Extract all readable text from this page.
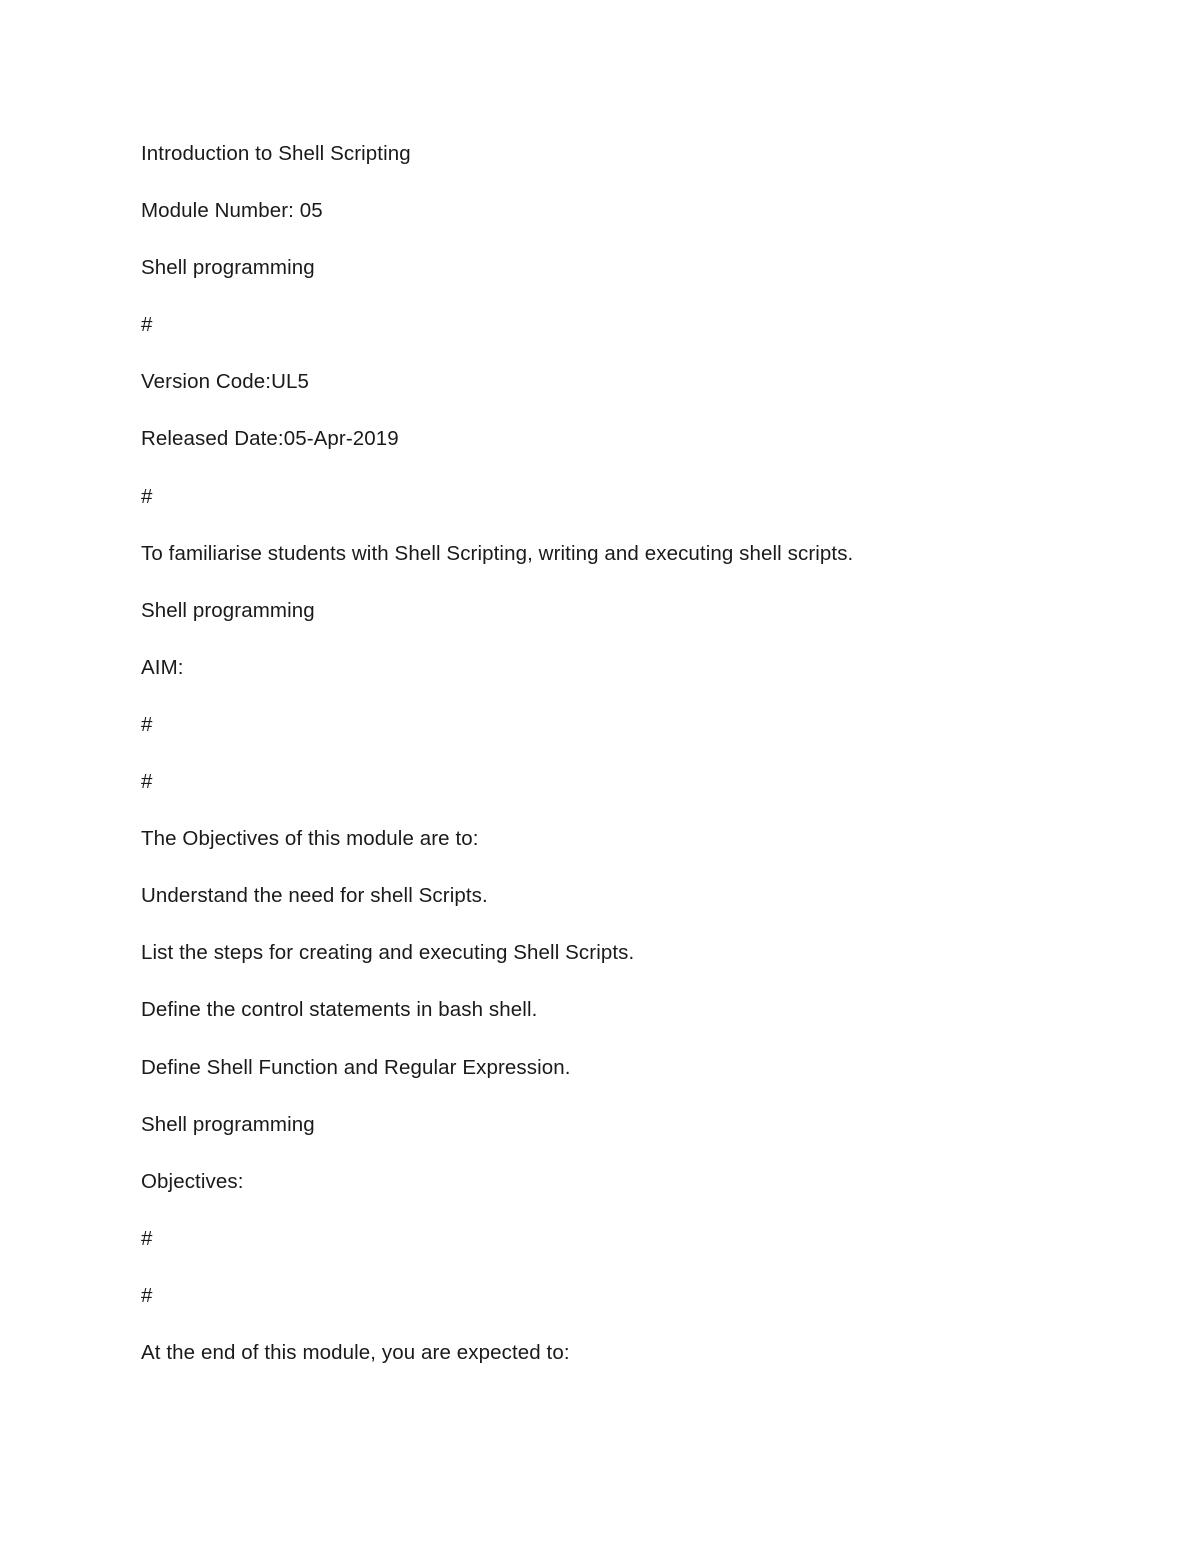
Introduction to Shell Scripting

Module Number: 05

Shell programming

#

Version Code:UL5

Released Date:05-Apr-2019

#

To familiarise students with Shell Scripting, writing and executing shell scripts.

Shell programming

AIM:

#

#

The Objectives of this module are to:

Understand the need for shell Scripts.

List the steps for creating and executing Shell Scripts.

Define the control statements in bash shell.

Define Shell Function and Regular Expression.

Shell programming

Objectives:

#

#

At the end of this module, you are expected to:
